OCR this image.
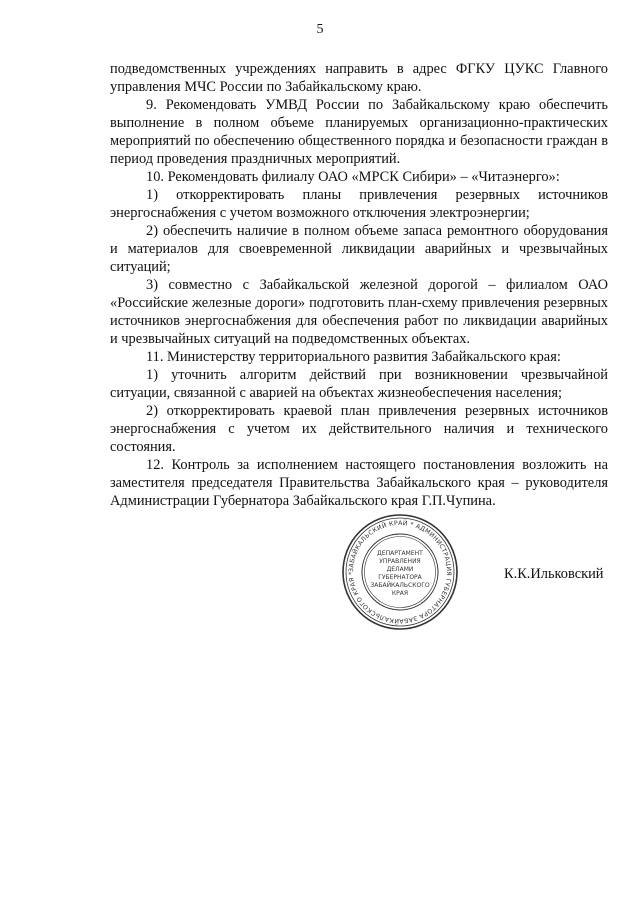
5

подведомственных учреждениях направить в адрес ФГКУ ЦУКС Главного управления МЧС России по Забайкальскому краю.

9. Рекомендовать УМВД России по Забайкальскому краю обеспечить выполнение в полном объеме планируемых организационно-практических мероприятий по обеспечению общественного порядка и безопасности граждан в период проведения праздничных мероприятий.

10. Рекомендовать филиалу ОАО «МРСК Сибири» – «Читаэнерго»:

1) откорректировать планы привлечения резервных источников энергоснабжения с учетом возможного отключения электроэнергии;

2) обеспечить наличие в полном объеме запаса ремонтного оборудования и материалов для своевременной ликвидации аварийных и чрезвычайных ситуаций;

3) совместно с Забайкальской железной дорогой – филиалом ОАО «Российские железные дороги» подготовить план-схему привлечения резервных источников энергоснабжения для обеспечения работ по ликвидации аварийных и чрезвычайных ситуаций на подведомственных объектах.

11. Министерству территориального развития Забайкальского края:

1) уточнить алгоритм действий при возникновении чрезвычайной ситуации, связанной с аварией на объектах жизнеобеспечения населения;

2) откорректировать краевой план привлечения резервных источников энергоснабжения с учетом их действительного наличия и технического состояния.

12. Контроль за исполнением настоящего постановления возложить на заместителя председателя Правительства Забайкальского края – руководителя Администрации Губернатора Забайкальского края Г.П.Чупина.

ЗАБАЙКАЛЬСКИЙ КРАЙ * АДМИНИСТРАЦИЯ ГУБЕРНАТОРА ЗАБАЙКАЛЬСКОГО КРАЯ *
ДЕПАРТАМЕНТ
УПРАВЛЕНИЯ
ДЕЛАМИ
ГУБЕРНАТОРА
ЗАБАЙКАЛЬСКОГО
КРАЯ
К.К.Ильковский
